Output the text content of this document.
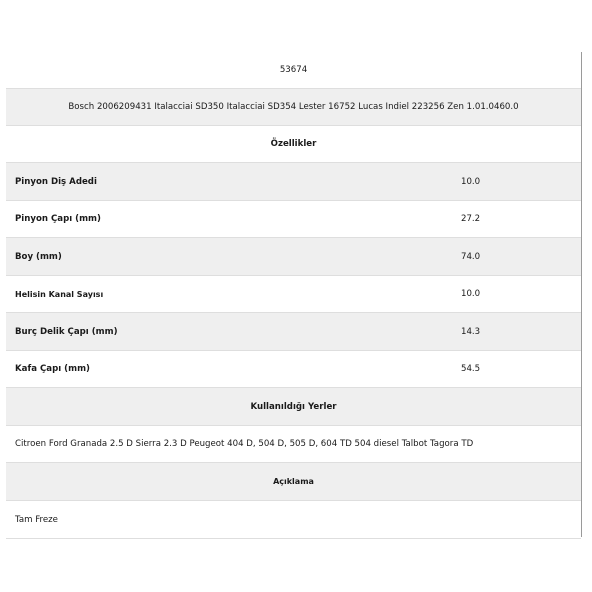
53674	
Bosch 2006209431 Italacciai SD350 Italacciai SD354 Lester 16752 Lucas Indiel 223256 Zen 1.01.0460.0	
Özellikler	
Pinyon Diş Adedi	10.0
Pinyon Çapı (mm)	27.2
Boy (mm)	74.0
Helisin Kanal Sayısı	10.0
Burç Delik Çapı (mm)	14.3
Kafa Çapı (mm)	54.5
Kullanıldığı Yerler	
Citroen Ford Granada 2.5 D Sierra 2.3 D Peugeot 404 D, 504 D, 505 D, 604 TD 504 diesel Talbot Tagora TD	
Açıklama	
Tam Freze	
